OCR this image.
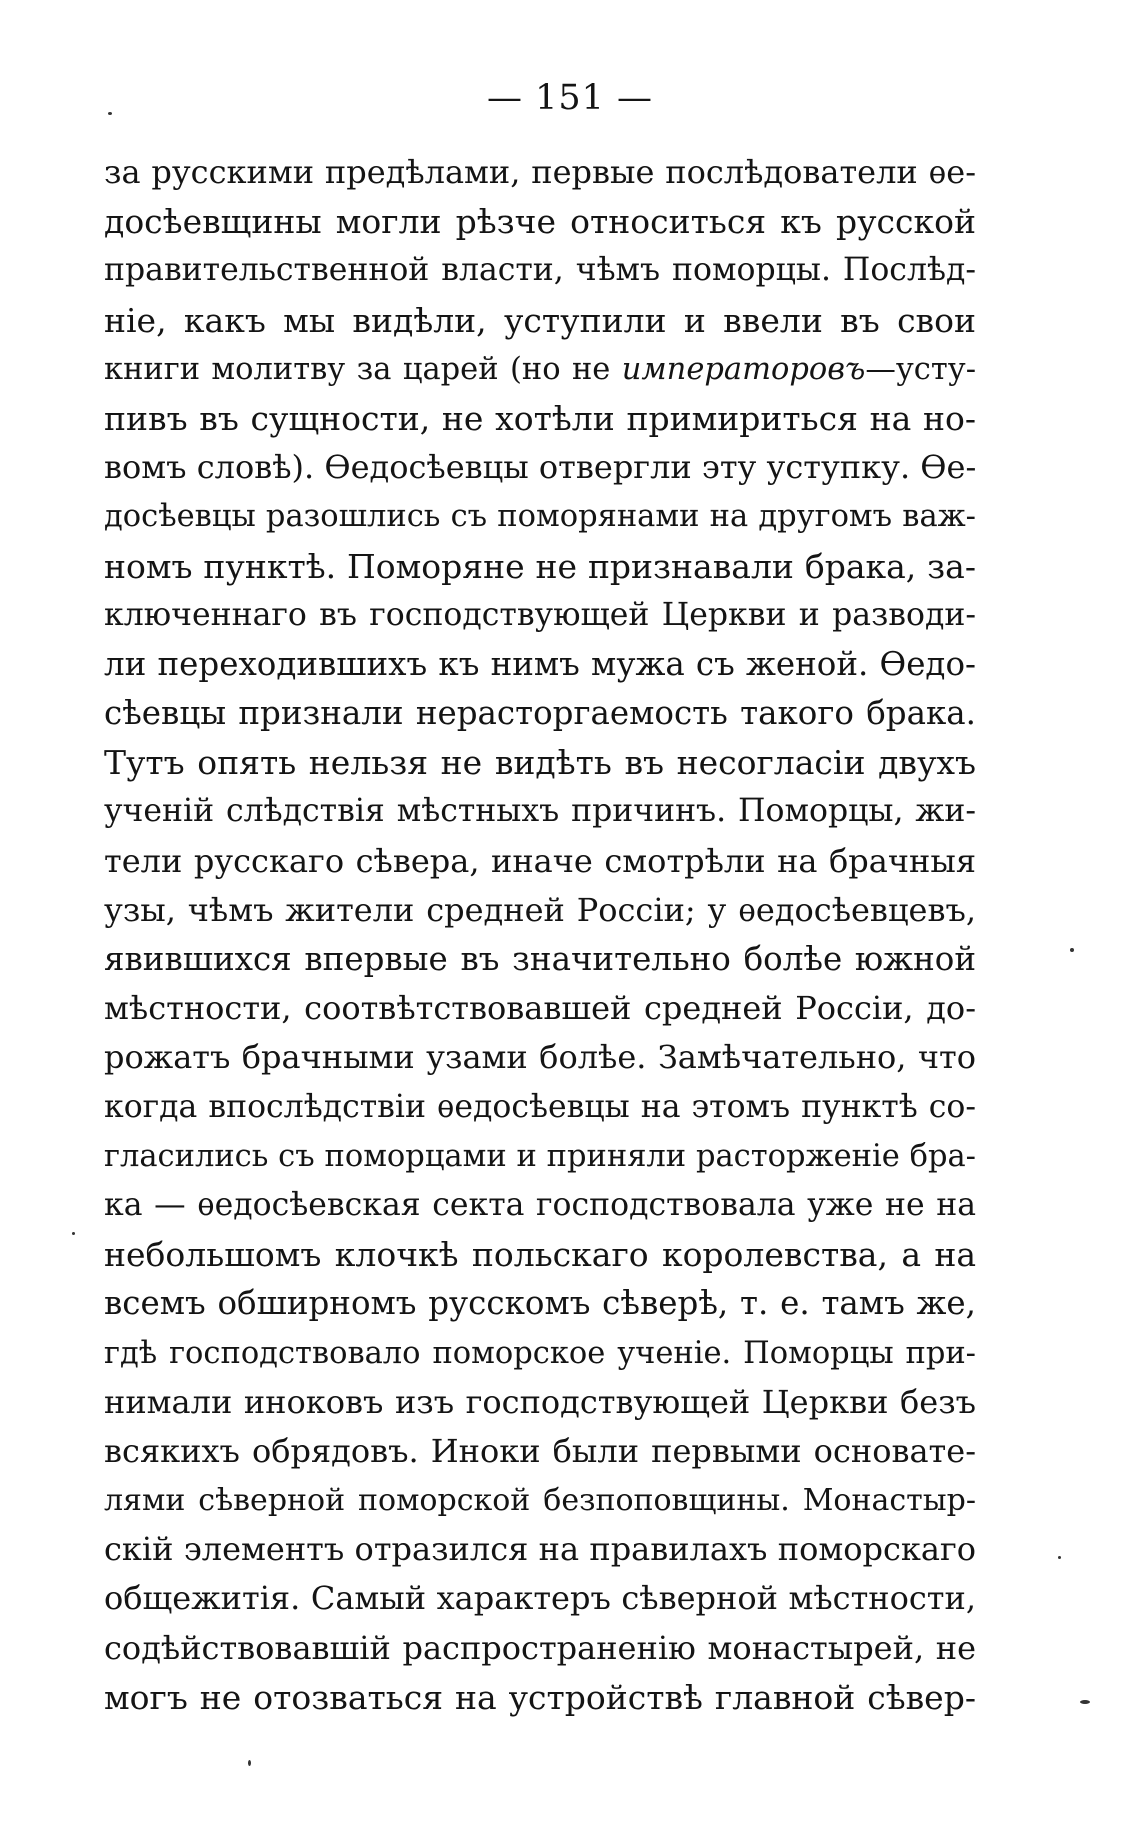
— 151 —
за русскими предѣлами, первые послѣдователи ѳе-
досѣевщины могли рѣзче относиться къ русской
правительственной власти, чѣмъ поморцы. Послѣд-
нiе, какъ мы видѣли, уступили и ввели въ свои
книги молитву за царей (но не императоровъ—усту-
пивъ въ сущности, не хотѣли примириться на но-
вомъ словѣ). Ѳедосѣевцы отвергли эту уступку. Ѳе-
досѣевцы разошлись съ поморянами на другомъ важ-
номъ пунктѣ. Поморяне не признавали брака, за-
ключеннаго въ господствующей Церкви и разводи-
ли переходившихъ къ нимъ мужа съ женой. Ѳедо-
сѣевцы признали нерасторгаемость такого брака.
Тутъ опять нельзя не видѣть въ несогласiи двухъ
ученiй слѣдствiя мѣстныхъ причинъ. Поморцы, жи-
тели русскаго сѣвера, иначе смотрѣли на брачныя
узы, чѣмъ жители средней Россiи; у ѳедосѣевцевъ,
явившихся впервые въ значительно болѣе южной
мѣстности, соотвѣтствовавшей средней Россiи, до-
рожатъ брачными узами болѣе. Замѣчательно, что
когда впослѣдствiи ѳедосѣевцы на этомъ пунктѣ со-
гласились съ поморцами и приняли расторженiе бра-
ка — ѳедосѣевская секта господствовала уже не на
небольшомъ клочкѣ польскаго королевства, а на
всемъ обширномъ русскомъ сѣверѣ, т. е. тамъ же,
гдѣ господствовало поморское ученiе. Поморцы при-
нимали иноковъ изъ господствующей Церкви безъ
всякихъ обрядовъ. Иноки были первыми основате-
лями сѣверной поморской безпоповщины. Монастыр-
скiй элементъ отразился на правилахъ поморскаго
общежитiя. Самый характеръ сѣверной мѣстности,
содѣйствовавшiй распространенiю монастырей, не
могъ не отозваться на устройствѣ главной сѣвер-
